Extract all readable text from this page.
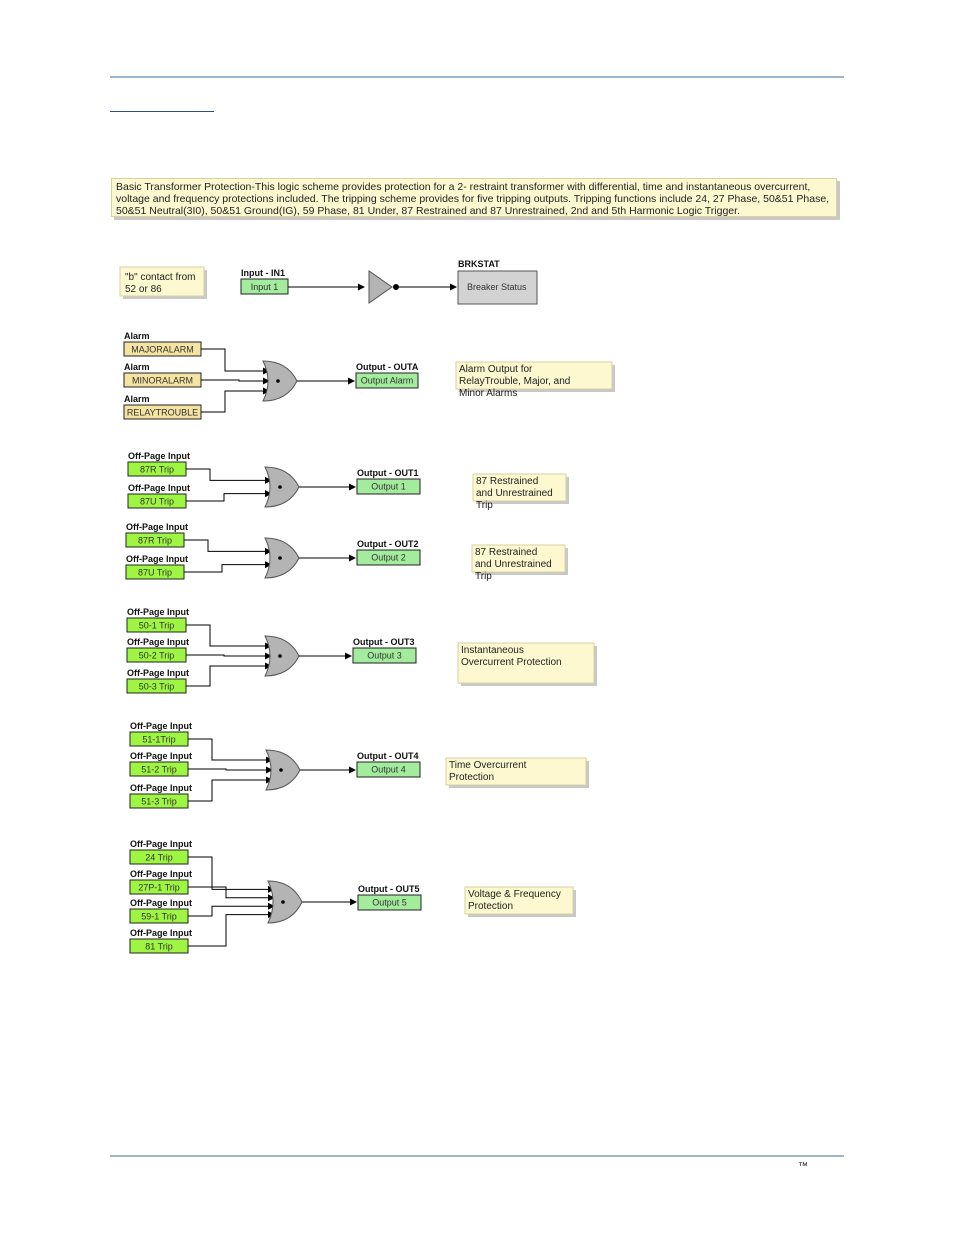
Basic Transformer Protection-This logic scheme provides protection for a 2- restraint transformer with differential, time and instantaneous overcurrent, voltage and frequency protections included. The tripping scheme provides for five tripping outputs. Tripping functions include 24, 27 Phase, 50&51 Phase, 50&51 Neutral(3I0), 50&51 Ground(IG), 59 Phase, 81 Under, 87 Restrained and 87 Unrestrained, 2nd and 5th Harmonic Logic Trigger.
"b" contact from 52 or 86
Input - IN1
Input 1
BRKSTAT
Breaker Status
Alarm
MAJORALARM
Alarm
MINORALARM
Alarm
RELAYTROUBLE
Output - OUTA
Output Alarm
Alarm Output for RelayTrouble, Major, and Minor Alarms
Off-Page Input
87R Trip
Off-Page Input
87U Trip
Output - OUT1
Output 1	87 Restrained and Unrestrained Trip
Off-Page Input
87R Trip
Off-Page Input
87U Trip
Output - OUT2
Output 2	87 Restrained and Unrestrained Trip
Off-Page Input
50-1 Trip
Off-Page Input
50-2 Trip
Off-Page Input
50-3 Trip
Output - OUT3
Output 3	Instantaneous Overcurrent Protection
Off-Page Input
51-1Trip
Off-Page Input
51-2 Trip
Off-Page Input
51-3 Trip
Output - OUT4
Output 4	Time Overcurrent Protection
Off-Page Input
24 Trip
Off-Page Input
27P-1 Trip
Off-Page Input
59-1 Trip
Off-Page Input
81 Trip
Output - OUT5
Output 5
Voltage & Frequency Protection
™
